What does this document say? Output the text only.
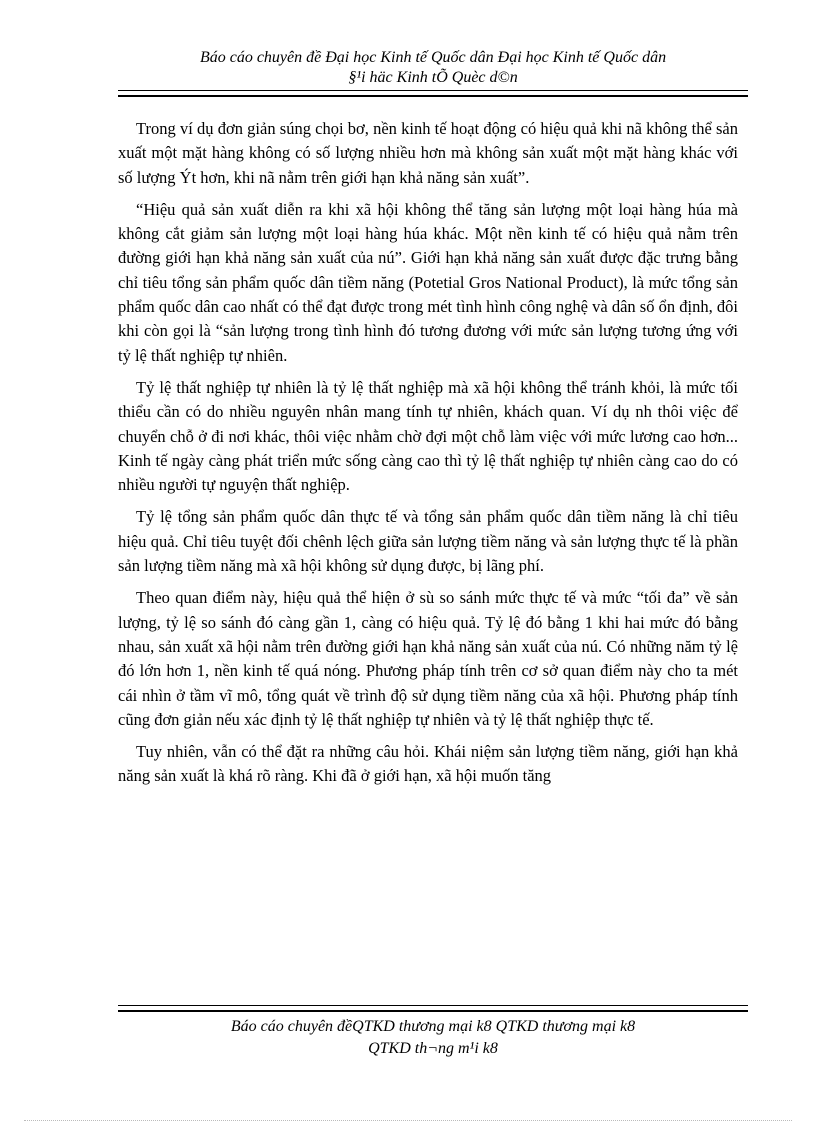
Báo cáo chuyên đề Đại học Kinh tế Quốc dân Đại học Kinh tế Quốc dân
§¹i häc Kinh tÕ Quèc d©n

Trong ví dụ đơn giản súng chọi bơ, nền kinh tế hoạt động có hiệu quả khi nã không thể sản xuất một mặt hàng không có số lượng nhiều hơn mà không sản xuất một mặt hàng khác với số lượng Ýt hơn, khi nã nằm trên giới hạn khả năng sản xuất”.

“Hiệu quả sản xuất diễn ra khi xã hội không thể tăng sản lượng một loại hàng húa mà không cắt giảm sản lượng một loại hàng húa khác. Một nền kinh tế có hiệu quả nằm trên đường giới hạn khả năng sản xuất của nú”. Giới hạn khả năng sản xuất được đặc trưng bằng chỉ tiêu tổng sản phẩm quốc dân tiềm năng (Potetial Gros National Product), là mức tổng sản phẩm quốc dân cao nhất có thể đạt được trong mét tình hình công nghệ và dân số ổn định, đôi khi còn gọi là “sản lượng trong tình hình đó tương đương với mức sản lượng tương ứng với tỷ lệ thất nghiệp tự nhiên.

Tỷ lệ thất nghiệp tự nhiên là tỷ lệ thất nghiệp mà xã hội không thể tránh khỏi, là mức tối thiểu cần có do nhiều nguyên nhân mang tính tự nhiên, khách quan. Ví dụ nh thôi việc để chuyển chỗ ở đi nơi khác, thôi việc nhằm chờ đợi một chỗ làm việc với mức lương cao hơn... Kinh tế ngày càng phát triển mức sống càng cao thì tỷ lệ thất nghiệp tự nhiên càng cao do có nhiều người tự nguyện thất nghiệp.

Tỷ lệ tổng sản phẩm quốc dân thực tế và tổng sản phẩm quốc dân tiềm năng là chỉ tiêu hiệu quả. Chỉ tiêu tuyệt đối chênh lệch giữa sản lượng tiềm năng và sản lượng thực tế là phần sản lượng tiềm năng mà xã hội không sử dụng được, bị lãng phí.

Theo quan điểm này, hiệu quả thể hiện ở sù so sánh mức thực tế và mức “tối đa” về sản lượng, tỷ lệ so sánh đó càng gần 1, càng có hiệu quả. Tỷ lệ đó bằng 1 khi hai mức đó bằng nhau, sản xuất xã hội nằm trên đường giới hạn khả năng sản xuất của nú. Có những năm tỷ lệ đó lớn hơn 1, nền kinh tế quá nóng. Phương pháp tính trên cơ sở quan điểm này cho ta mét cái nhìn ở tầm vĩ mô, tổng quát về trình độ sử dụng tiềm năng của xã hội. Phương pháp tính cũng đơn giản nếu xác định tỷ lệ thất nghiệp tự nhiên và tỷ lệ thất nghiệp thực tế.

Tuy nhiên, vẫn có thể đặt ra những câu hỏi. Khái niệm sản lượng tiềm năng, giới hạn khả năng sản xuất là khá rõ ràng. Khi đã ở giới hạn, xã hội muốn tăng

Báo cáo chuyên đềQTKD thương mại k8 QTKD thương mại k8
QTKD th¬ng m¹i k8
